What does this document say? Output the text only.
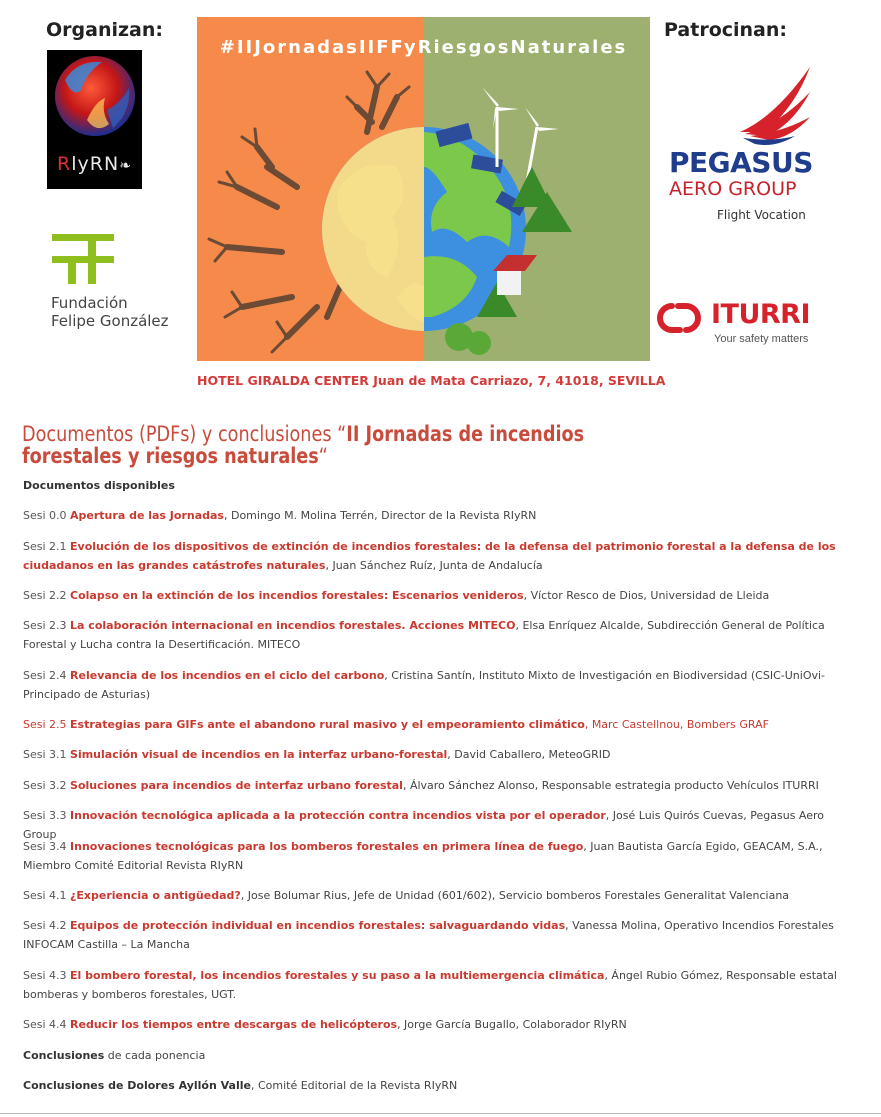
Organizan:	Patrocinan:
RlyRN❧
Fundación
Felipe González
#IIJornadasIIFFyRiesgosNaturales
HOTEL GIRALDA CENTER Juan de Mata Carriazo, 7, 41018, SEVILLA
PEGASUS
AERO GROUP
Flight Vocation
ITURRI
Your safety matters
Documentos (PDFs) y conclusiones “II Jornadas de incendios forestales y riesgos naturales“
Documentos disponibles
Sesi 0.0 Apertura de las Jornadas, Domingo M. Molina Terrén, Director de la Revista RIyRN
Sesi 2.1 Evolución de los dispositivos de extinción de incendios forestales: de la defensa del patrimonio forestal a la defensa de los ciudadanos en las grandes catástrofes naturales, Juan Sánchez Ruíz, Junta de Andalucía
Sesi 2.2 Colapso en la extinción de los incendios forestales: Escenarios venideros, Víctor Resco de Dios, Universidad de Lleida
Sesi 2.3 La colaboración internacional en incendios forestales. Acciones MITECO, Elsa Enríquez Alcalde, Subdirección General de Política Forestal y Lucha contra la Desertificación. MITECO
Sesi 2.4 Relevancia de los incendios en el ciclo del carbono, Cristina Santín, Instituto Mixto de Investigación en Biodiversidad (CSIC-UniOvi- Principado de Asturias)
Sesi 2.5 Estrategias para GIFs ante el abandono rural masivo y el empeoramiento climático, Marc Castellnou, Bombers GRAF
Sesi 3.1 Simulación visual de incendios en la interfaz urbano-forestal, David Caballero, MeteoGRID
Sesi 3.2 Soluciones para incendios de interfaz urbano forestal, Álvaro Sánchez Alonso, Responsable estrategia producto Vehículos ITURRI
Sesi 3.3 Innovación tecnológica aplicada a la protección contra incendios vista por el operador, José Luis Quirós Cuevas, Pegasus Aero Group
Sesi 3.4 Innovaciones tecnológicas para los bomberos forestales en primera línea de fuego, Juan Bautista García Egido, GEACAM, S.A., Miembro Comité Editorial Revista RIyRN
Sesi 4.1 ¿Experiencia o antigüedad?, Jose Bolumar Rius, Jefe de Unidad (601/602), Servicio bomberos Forestales Generalitat Valenciana
Sesi 4.2 Equipos de protección individual en incendios forestales: salvaguardando vidas, Vanessa Molina, Operativo Incendios Forestales INFOCAM Castilla – La Mancha
Sesi 4.3 El bombero forestal, los incendios forestales y su paso a la multiemergencia climática, Ángel Rubio Gómez, Responsable estatal bomberas y bomberos forestales, UGT.
Sesi 4.4 Reducir los tiempos entre descargas de helicópteros, Jorge García Bugallo, Colaborador RIyRN
Conclusiones de cada ponencia
Conclusiones de Dolores Ayllón Valle, Comité Editorial de la Revista RIyRN
